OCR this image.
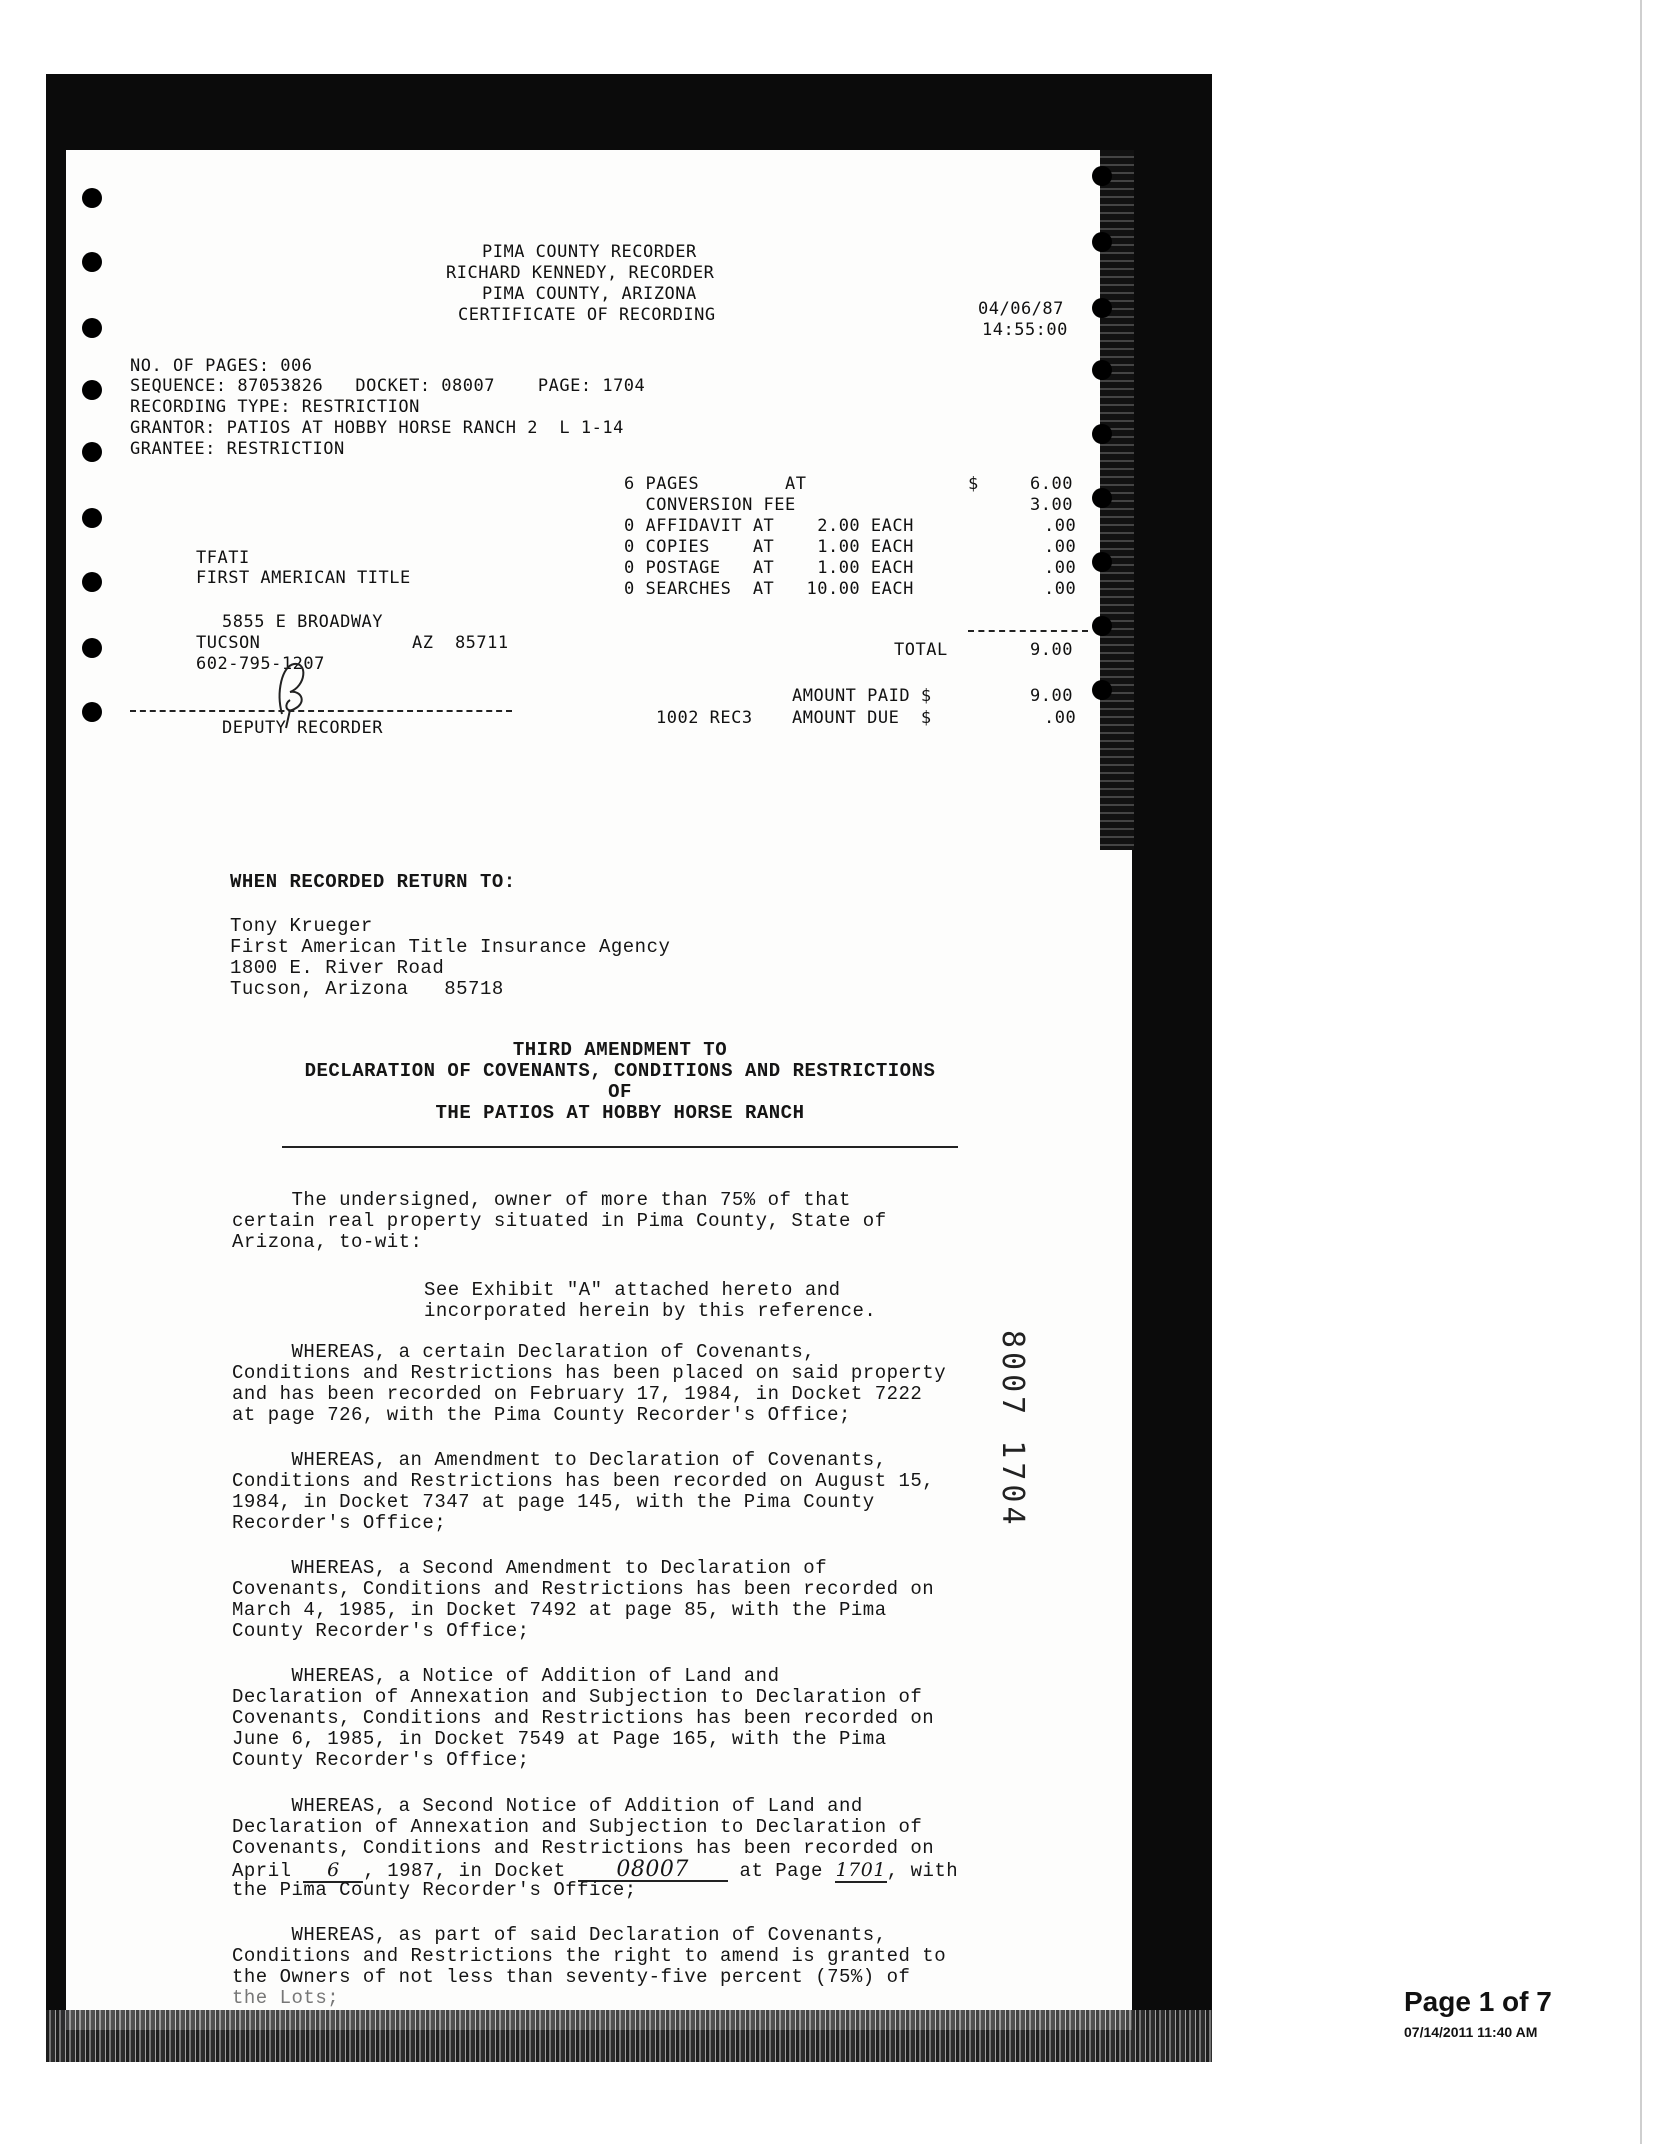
PIMA COUNTY RECORDER
RICHARD KENNEDY, RECORDER
PIMA COUNTY, ARIZONA
CERTIFICATE OF RECORDING	04/06/87
14:55:00
NO. OF PAGES: 006
SEQUENCE: 87053826   DOCKET: 08007    PAGE: 1704
RECORDING TYPE: RESTRICTION
GRANTOR: PATIOS AT HOBBY HORSE RANCH 2  L 1-14
GRANTEE: RESTRICTION
6 PAGES        AT	$	6.00
CONVERSION FEE	3.00
0 AFFIDAVIT AT    2.00 EACH	.00
0 COPIES    AT    1.00 EACH	.00
0 POSTAGE   AT    1.00 EACH	.00
0 SEARCHES  AT   10.00 EACH	.00
TOTAL	9.00
AMOUNT PAID $	9.00
1002 REC3 AMOUNT DUE  $	.00
TFATI
FIRST AMERICAN TITLE
5855 E BROADWAY
TUCSON	AZ  85711
602-795-1207
DEPUTY RECORDER
WHEN RECORDED RETURN TO:
Tony Krueger
First American Title Insurance Agency
1800 E. River Road
Tucson, Arizona   85718
THIRD AMENDMENT TO
DECLARATION OF COVENANTS, CONDITIONS AND RESTRICTIONS
OF
THE PATIOS AT HOBBY HORSE RANCH
The undersigned, owner of more than 75% of that
certain real property situated in Pima County, State of
Arizona, to-wit:
See Exhibit "A" attached hereto and
incorporated herein by this reference.
WHEREAS, a certain Declaration of Covenants,
Conditions and Restrictions has been placed on said property
and has been recorded on February 17, 1984, in Docket 7222
at page 726, with the Pima County Recorder's Office;
WHEREAS, an Amendment to Declaration of Covenants,
Conditions and Restrictions has been recorded on August 15,
1984, in Docket 7347 at page 145, with the Pima County
Recorder's Office;
WHEREAS, a Second Amendment to Declaration of
Covenants, Conditions and Restrictions has been recorded on
March 4, 1985, in Docket 7492 at page 85, with the Pima
County Recorder's Office;
WHEREAS, a Notice of Addition of Land and
Declaration of Annexation and Subjection to Declaration of
Covenants, Conditions and Restrictions has been recorded on
June 6, 1985, in Docket 7549 at Page 165, with the Pima
County Recorder's Office;
WHEREAS, a Second Notice of Addition of Land and
Declaration of Annexation and Subjection to Declaration of
Covenants, Conditions and Restrictions has been recorded on
April 6 , 1987, in Docket 08007 at Page 1701, with
the Pima County Recorder's Office;
WHEREAS, as part of said Declaration of Covenants,
Conditions and Restrictions the right to amend is granted to
the Owners of not less than seventy-five percent (75%) of
the Lots;
8007 1704
Page 1 of 7
07/14/2011 11:40 AM
